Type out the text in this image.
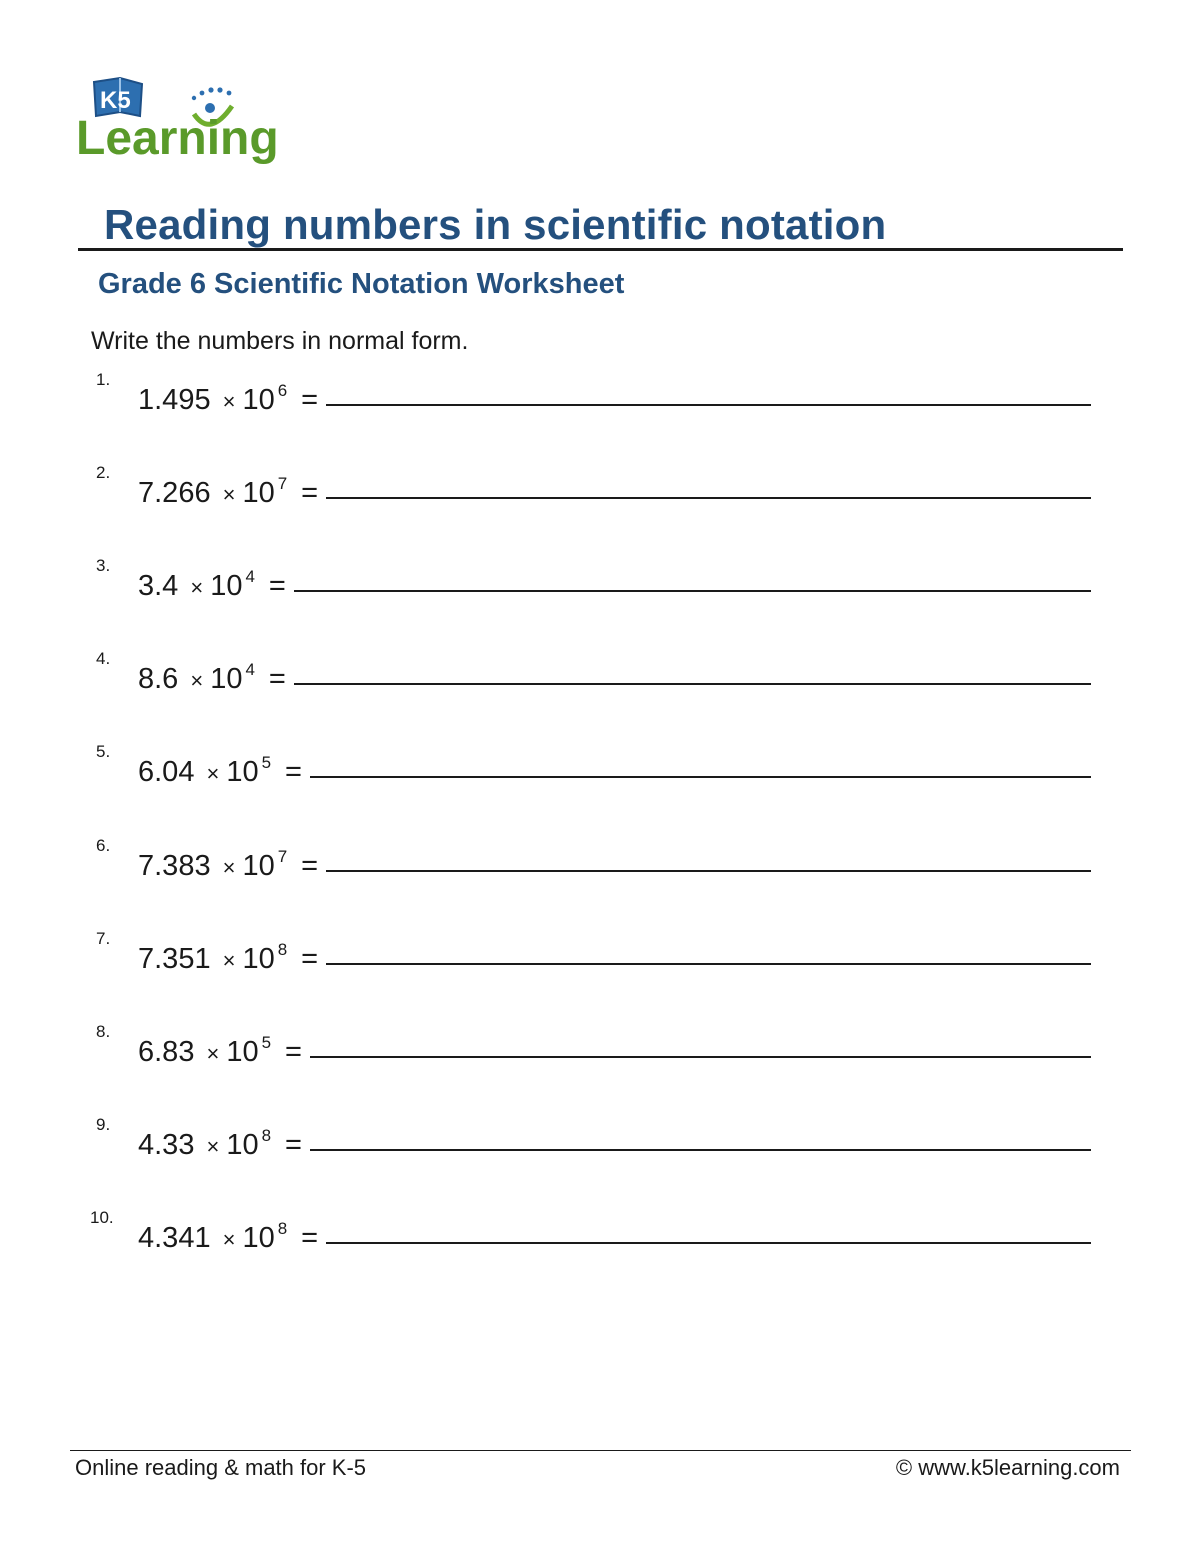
K5
Learning
Reading numbers in scientific notation
Grade 6 Scientific Notation Worksheet

Write the numbers in normal form.

1.
1.495 × 10 $^6$ =
2.
7.266 × 10 $^7$ =
3.
3.4 × 10 $^4$ =
4.
8.6 × 10 $^4$ =
5.
6.04 × 10 $^5$ =
6.
7.383 × 10 $^7$ =
7.
7.351 × 10 $^8$ =
8.
6.83 × 10 $^5$ =
9.
4.33 × 10 $^8$ =
10.
4.341 × 10 $^8$ =
Online reading & math for K-5	© www.k5learning.com
